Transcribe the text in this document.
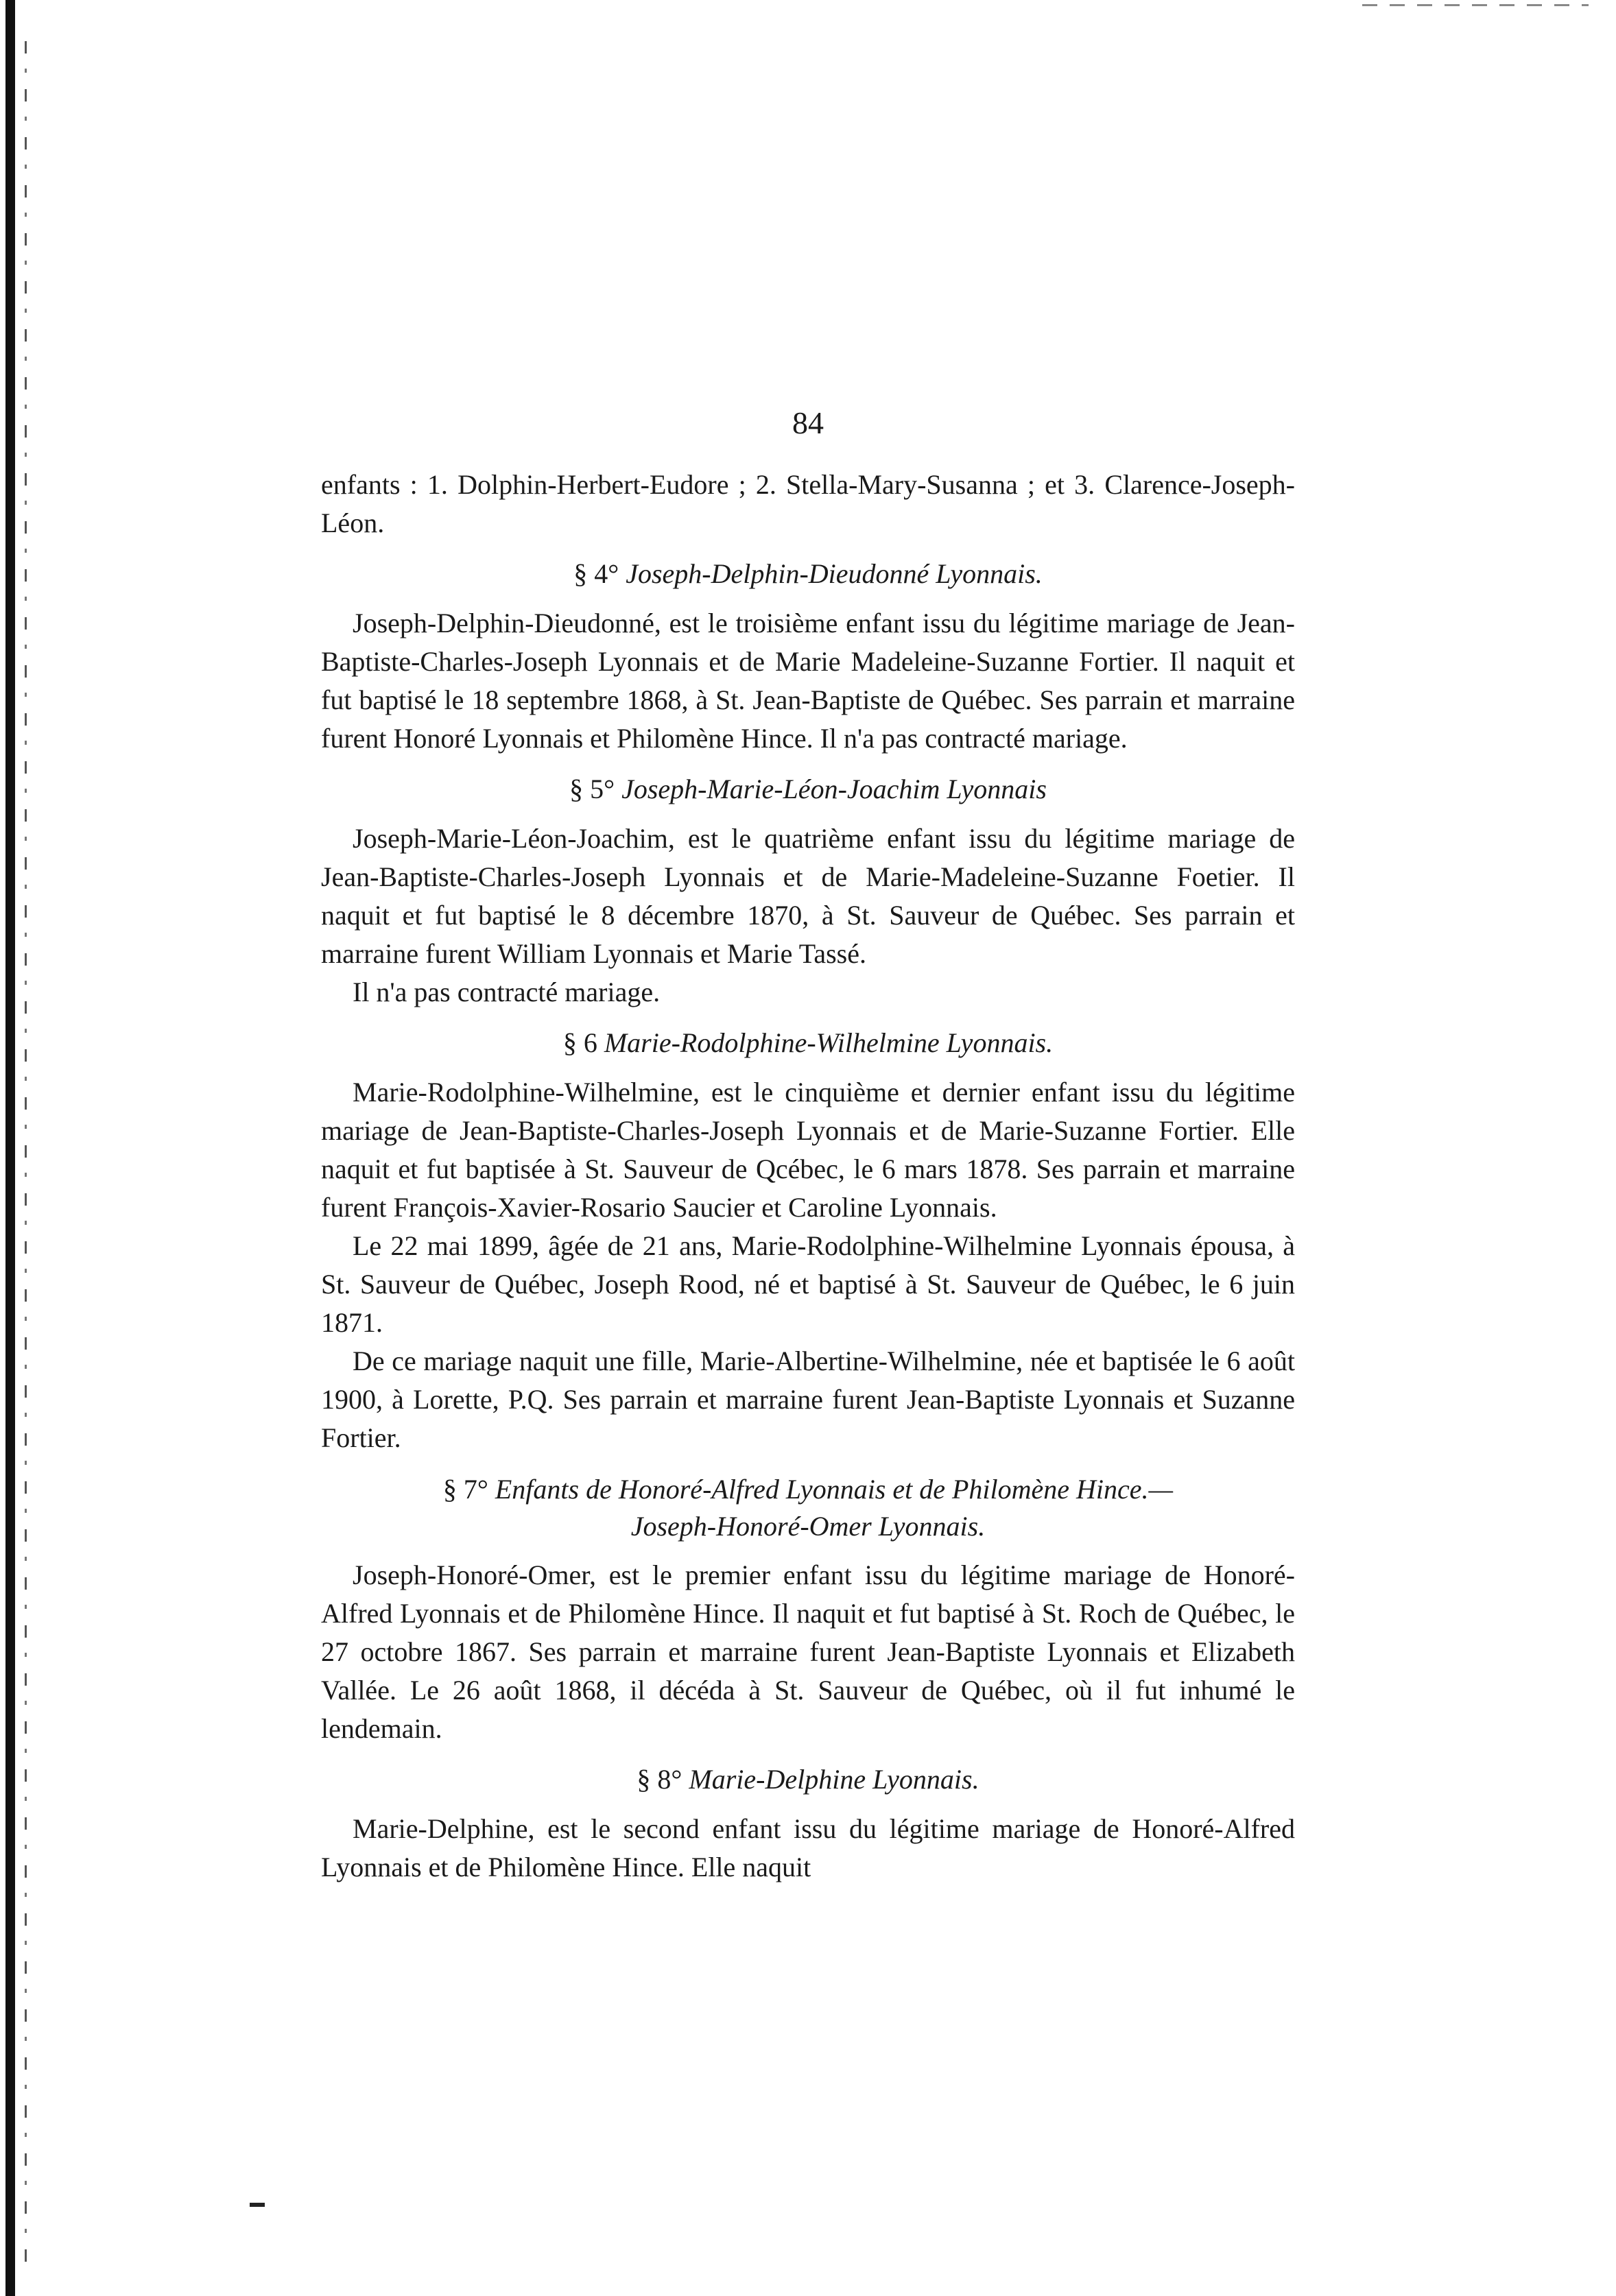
84

enfants : 1. Dolphin-Herbert-Eudore ; 2. Stella-Mary-Susanna ; et 3. Clarence-Joseph-Léon.

§ 4° Joseph-Delphin-Dieudonné Lyonnais.

Joseph-Delphin-Dieudonné, est le troisième enfant issu du légitime mariage de Jean-Baptiste-Charles-Joseph Lyonnais et de Marie Madeleine-Suzanne Fortier. Il naquit et fut baptisé le 18 septembre 1868, à St. Jean-Baptiste de Québec. Ses parrain et marraine furent Honoré Lyonnais et Philomène Hince. Il n'a pas contracté mariage.

§ 5° Joseph-Marie-Léon-Joachim Lyonnais

Joseph-Marie-Léon-Joachim, est le quatrième enfant issu du légitime mariage de Jean-Baptiste-Charles-Joseph Lyonnais et de Marie-Madeleine-Suzanne Foetier. Il naquit et fut baptisé le 8 décembre 1870, à St. Sauveur de Québec. Ses parrain et marraine furent William Lyonnais et Marie Tassé.

Il n'a pas contracté mariage.

§ 6 Marie-Rodolphine-Wilhelmine Lyonnais.

Marie-Rodolphine-Wilhelmine, est le cinquième et dernier enfant issu du légitime mariage de Jean-Baptiste-Charles-Joseph Lyonnais et de Marie-Suzanne Fortier. Elle naquit et fut baptisée à St. Sauveur de Qcébec, le 6 mars 1878. Ses parrain et marraine furent François-Xavier-Rosario Saucier et Caroline Lyonnais.

Le 22 mai 1899, âgée de 21 ans, Marie-Rodolphine-Wilhelmine Lyonnais épousa, à St. Sauveur de Québec, Joseph Rood, né et baptisé à St. Sauveur de Québec, le 6 juin 1871.

De ce mariage naquit une fille, Marie-Albertine-Wilhelmine, née et baptisée le 6 août 1900, à Lorette, P.Q. Ses parrain et marraine furent Jean-Baptiste Lyonnais et Suzanne Fortier.

§ 7° Enfants de Honoré-Alfred Lyonnais et de Philomène Hince.—
Joseph-Honoré-Omer Lyonnais.

Joseph-Honoré-Omer, est le premier enfant issu du légitime mariage de Honoré-Alfred Lyonnais et de Philomène Hince. Il naquit et fut baptisé à St. Roch de Québec, le 27 octobre 1867. Ses parrain et marraine furent Jean-Baptiste Lyonnais et Elizabeth Vallée. Le 26 août 1868, il décéda à St. Sauveur de Québec, où il fut inhumé le lendemain.

§ 8° Marie-Delphine Lyonnais.

Marie-Delphine, est le second enfant issu du légitime mariage de Honoré-Alfred Lyonnais et de Philomène Hince. Elle naquit
